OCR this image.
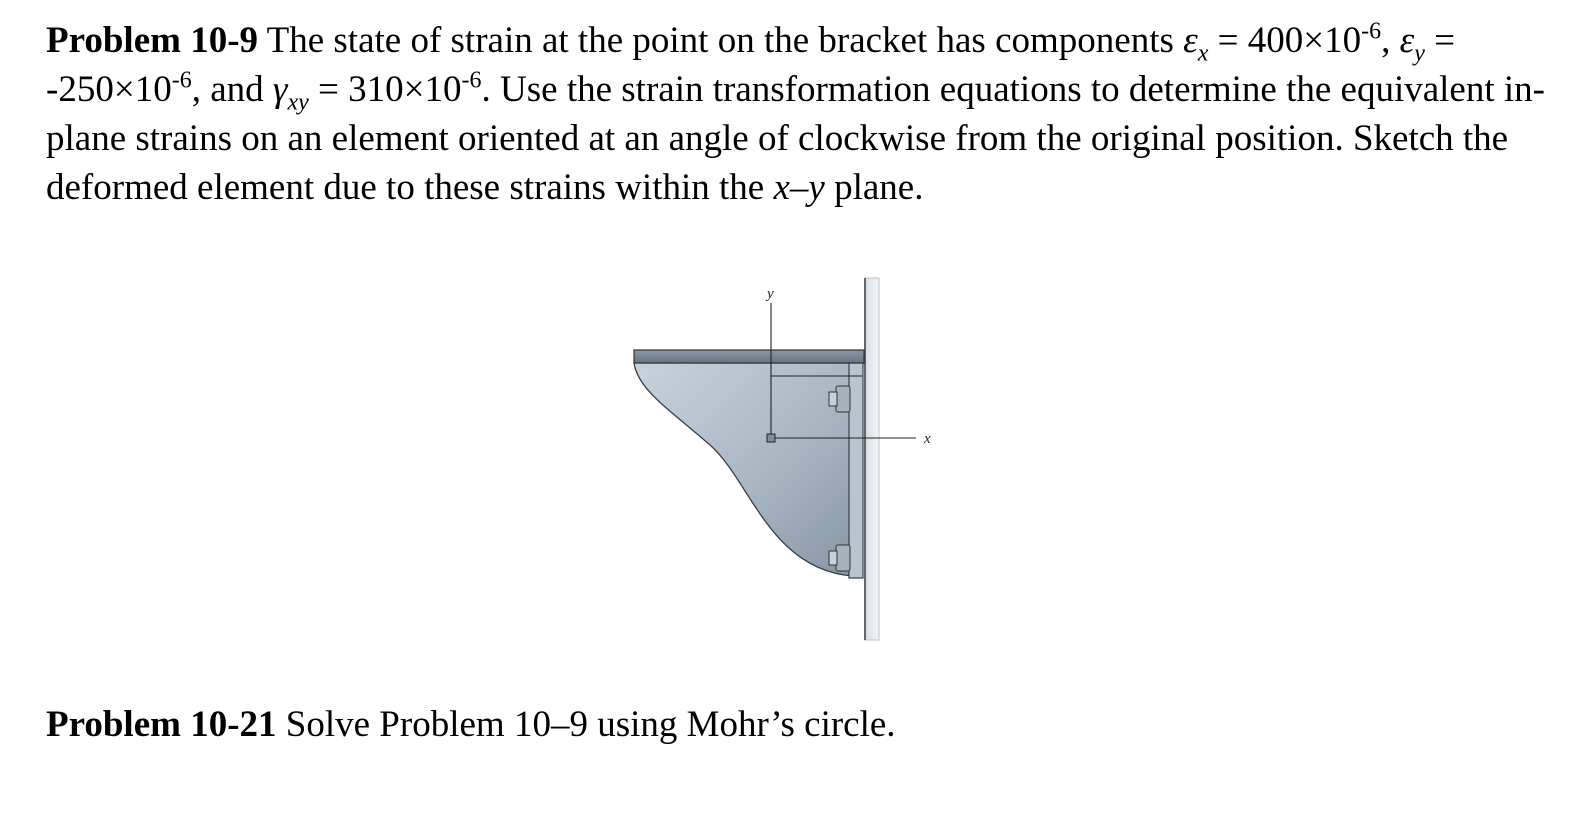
Problem 10-9 The state of strain at the point on the bracket has components $\varepsilon_x = 400\times 10^{-6}$, $\varepsilon_y = -250\times 10^{-6}$, and $\gamma_{xy} = 310\times 10^{-6}$. Use the strain transformation equations to determine the equivalent in-plane strains on an element oriented at an angle of clockwise from the original position. Sketch the deformed element due to these strains within the x–y plane.
y
x
Problem 10-21 Solve Problem 10–9 using Mohr’s circle.
